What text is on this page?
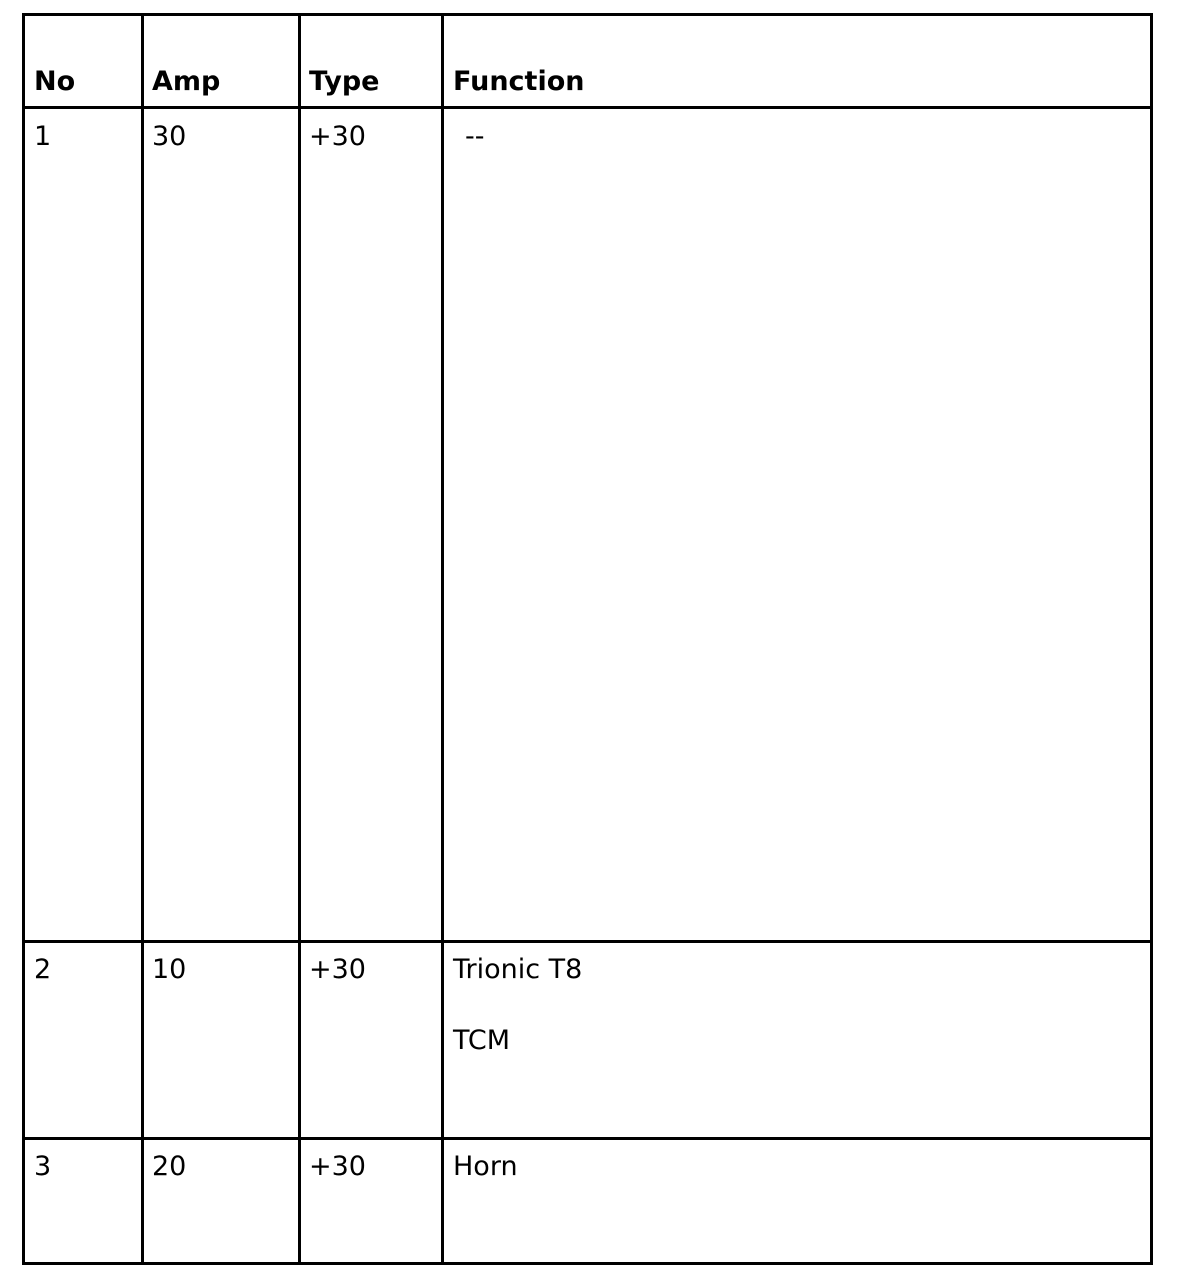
No	Amp	Type	Function
1	30	+30	--
2	10	+30	Trionic T8
TCM
3	20	+30	Horn
